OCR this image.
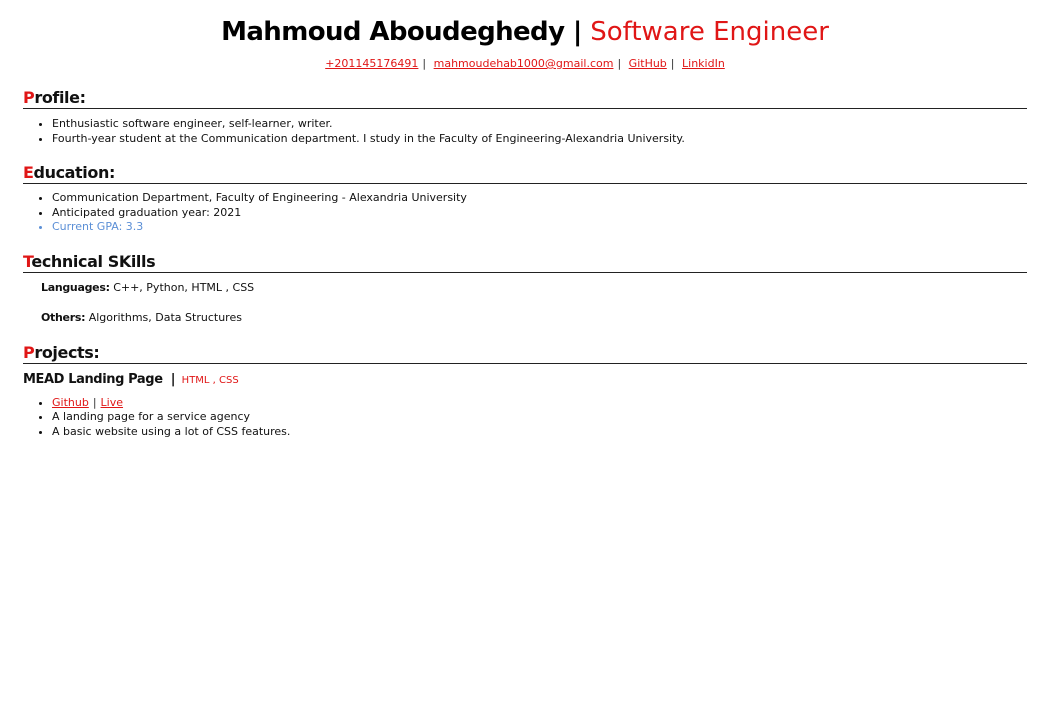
Mahmoud Aboudeghedy | Software Engineer
+201145176491 | mahmoudehab1000@gmail.com | GitHub | LinkidIn
Profile:
• Enthusiastic software engineer, self-learner, writer.
• Fourth-year student at the Communication department. I study in the Faculty of Engineering-Alexandria University.
Education:
• Communication Department, Faculty of Engineering - Alexandria University
• Anticipated graduation year: 2021
• Current GPA: 3.3
Technical SKills
Languages: C++, Python, HTML , CSS
Others: Algorithms, Data Structures
Projects:
MEAD Landing Page | HTML , CSS
• Github | Live
• A landing page for a service agency
• A basic website using a lot of CSS features.
